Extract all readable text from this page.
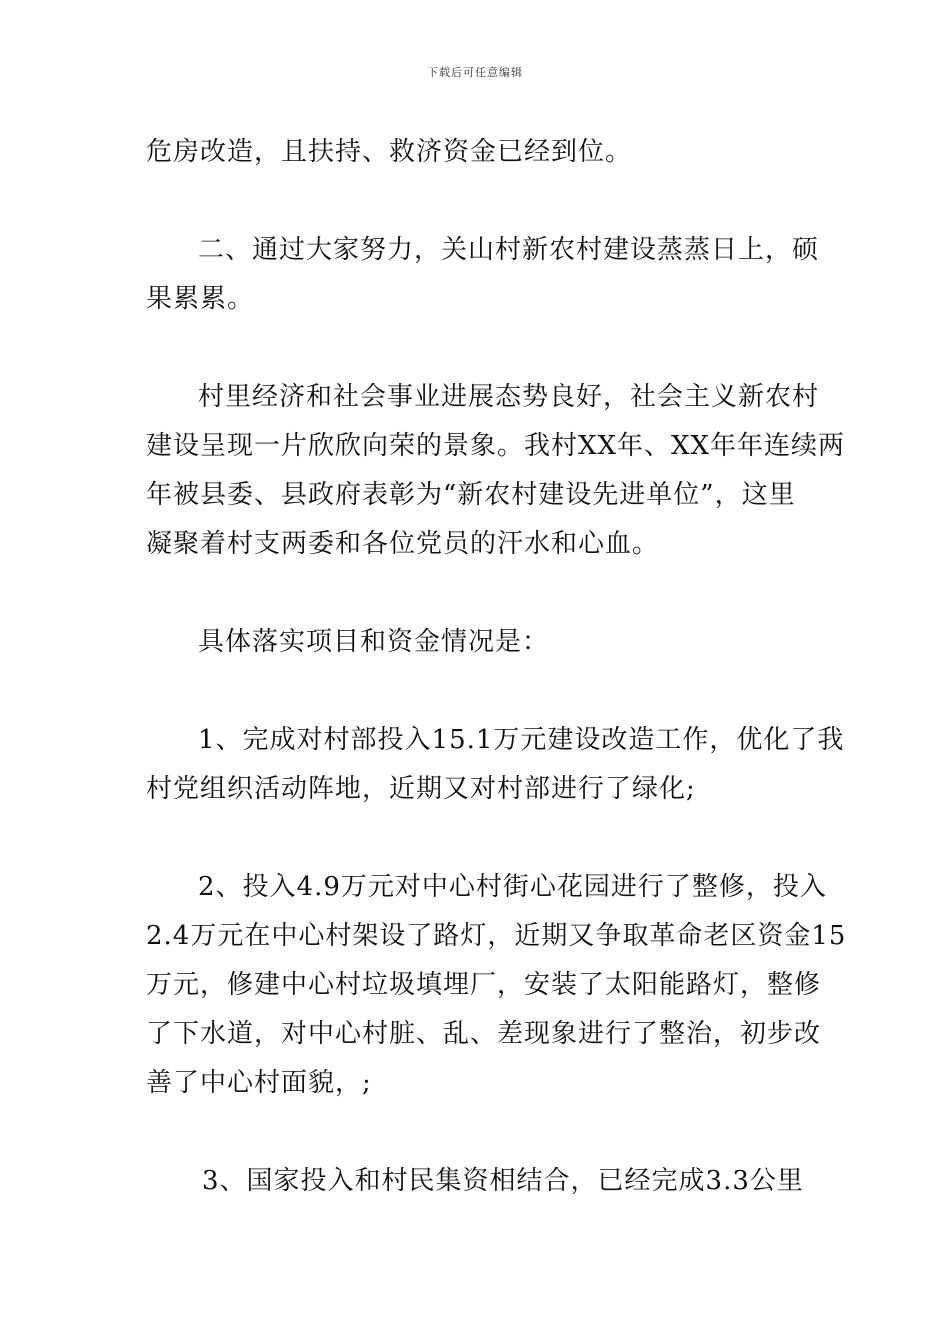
下载后可任意编辑

危房改造，且扶持、救济资金已经到位。

二、通过大家努力，关山村新农村建设蒸蒸日上，硕
果累累。

村里经济和社会事业进展态势良好，社会主义新农村
建设呈现一片欣欣向荣的景象。我村XX年、XX年年连续两
年被县委、县政府表彰为“新农村建设先进单位”，这里
凝聚着村支两委和各位党员的汗水和心血。

具体落实项目和资金情况是：

1、完成对村部投入15.1万元建设改造工作，优化了我
村党组织活动阵地，近期又对村部进行了绿化;

2、投入4.9万元对中心村街心花园进行了整修，投入
2.4万元在中心村架设了路灯，近期又争取革命老区资金15
万元，修建中心村垃圾填埋厂，安装了太阳能路灯，整修
了下水道，对中心村脏、乱、差现象进行了整治，初步改
善了中心村面貌，;

3、国家投入和村民集资相结合，已经完成3.3公里
